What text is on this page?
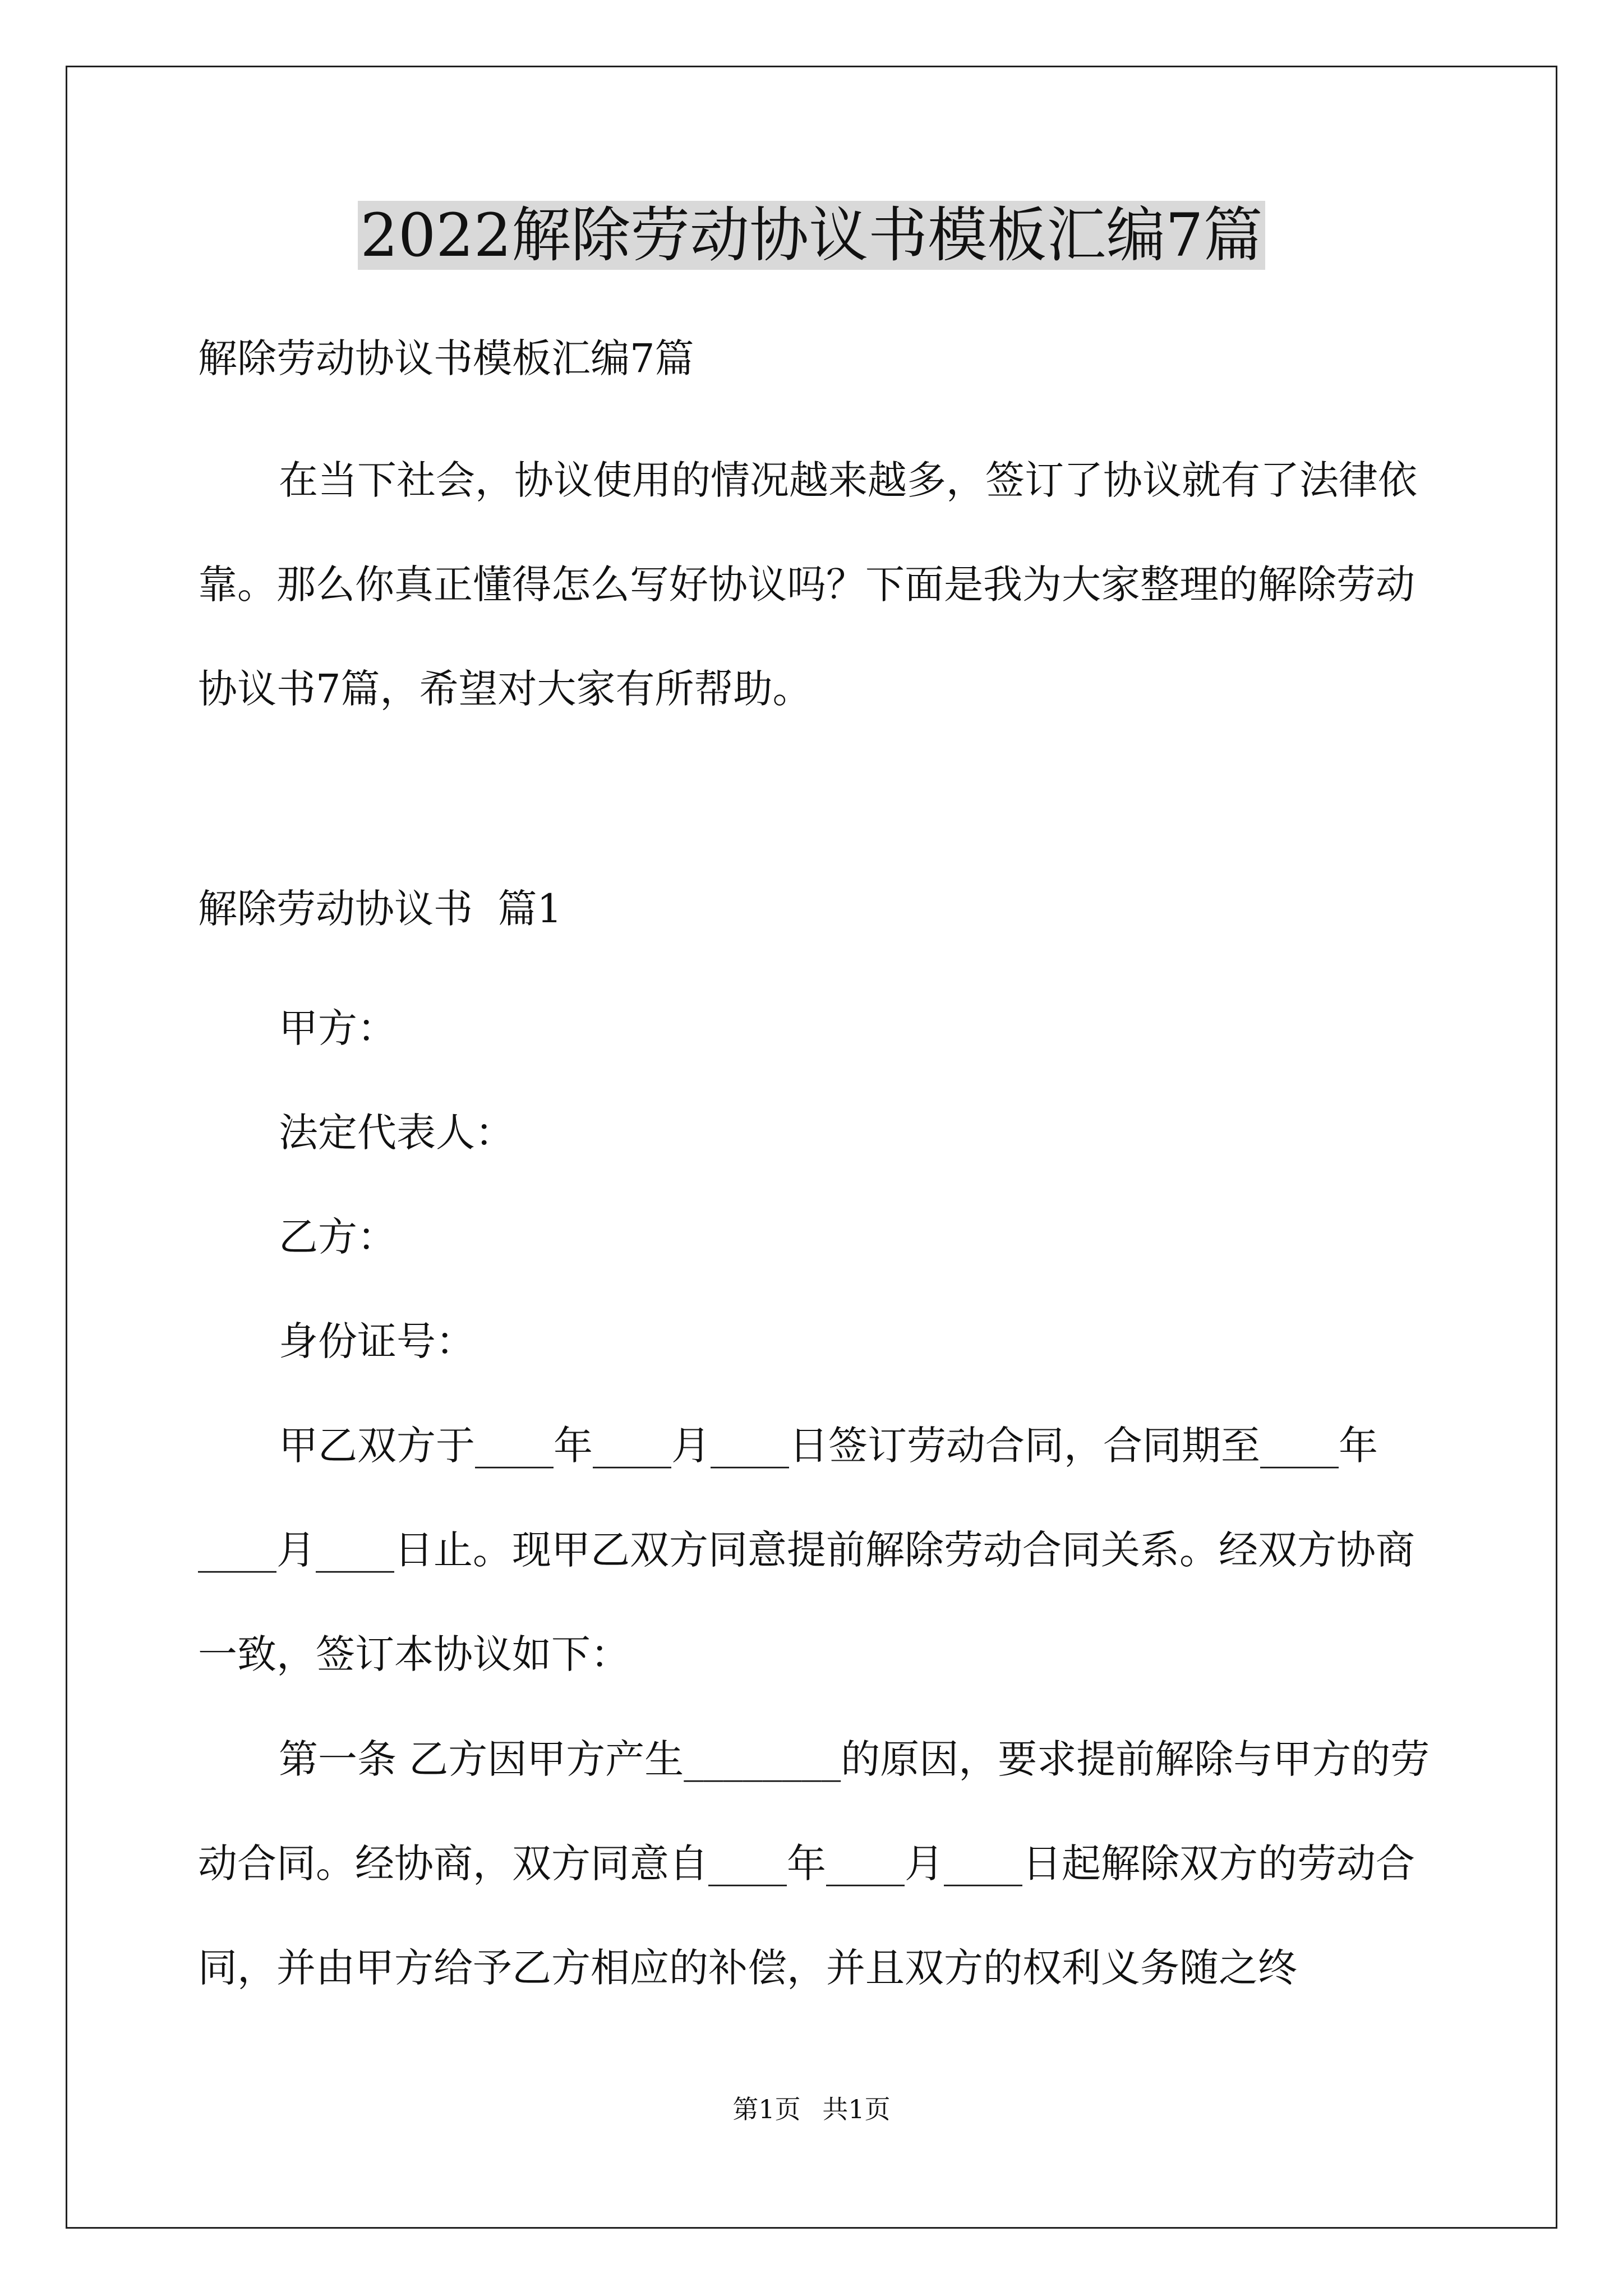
2022解除劳动协议书模板汇编7篇
解除劳动协议书模板汇编7篇
在当下社会，协议使用的情况越来越多，签订了协议就有了法律依靠。那么你真正懂得怎么写好协议吗？下面是我为大家整理的解除劳动协议书7篇，希望对大家有所帮助。
解除劳动协议书  篇1
甲方：
法定代表人：
乙方：
身份证号：
甲乙双方于____年____月____日签订劳动合同，合同期至____年____月____日止。现甲乙双方同意提前解除劳动合同关系。经双方协商一致，签订本协议如下：
第一条 乙方因甲方产生________的原因，要求提前解除与甲方的劳动合同。经协商，双方同意自____年____月____日起解除双方的劳动合同，并由甲方给予乙方相应的补偿，并且双方的权利义务随之终
第1页 共1页
